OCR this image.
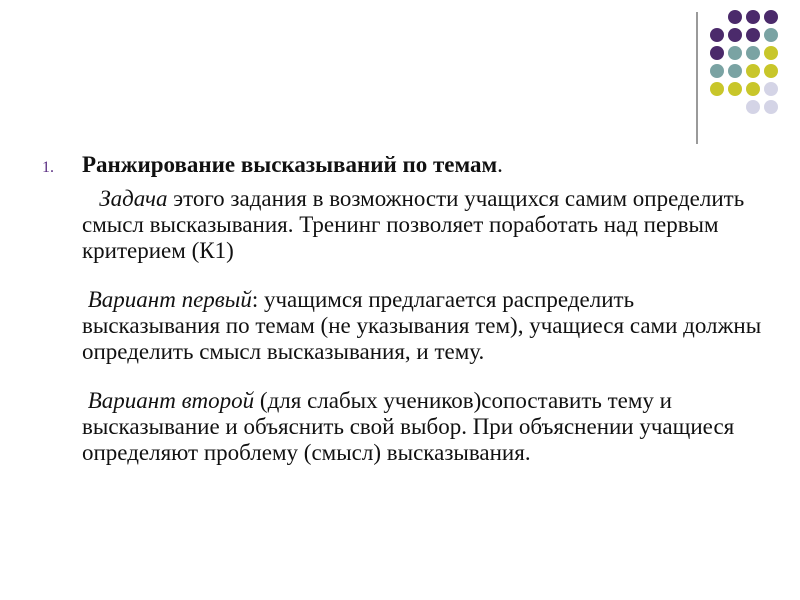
1.	Ранжирование высказываний по темам.

Задача этого задания в возможности учащихся самим определить смысл высказывания. Тренинг позволяет поработать над первым критерием (К1)

Вариант первый: учащимся предлагается распределить высказывания по темам (не указывания тем), учащиеся сами должны определить смысл высказывания, и тему.

Вариант второй (для слабых учеников)сопоставить тему и высказывание и объяснить свой выбор. При объяснении учащиеся определяют проблему (смысл) высказывания.
